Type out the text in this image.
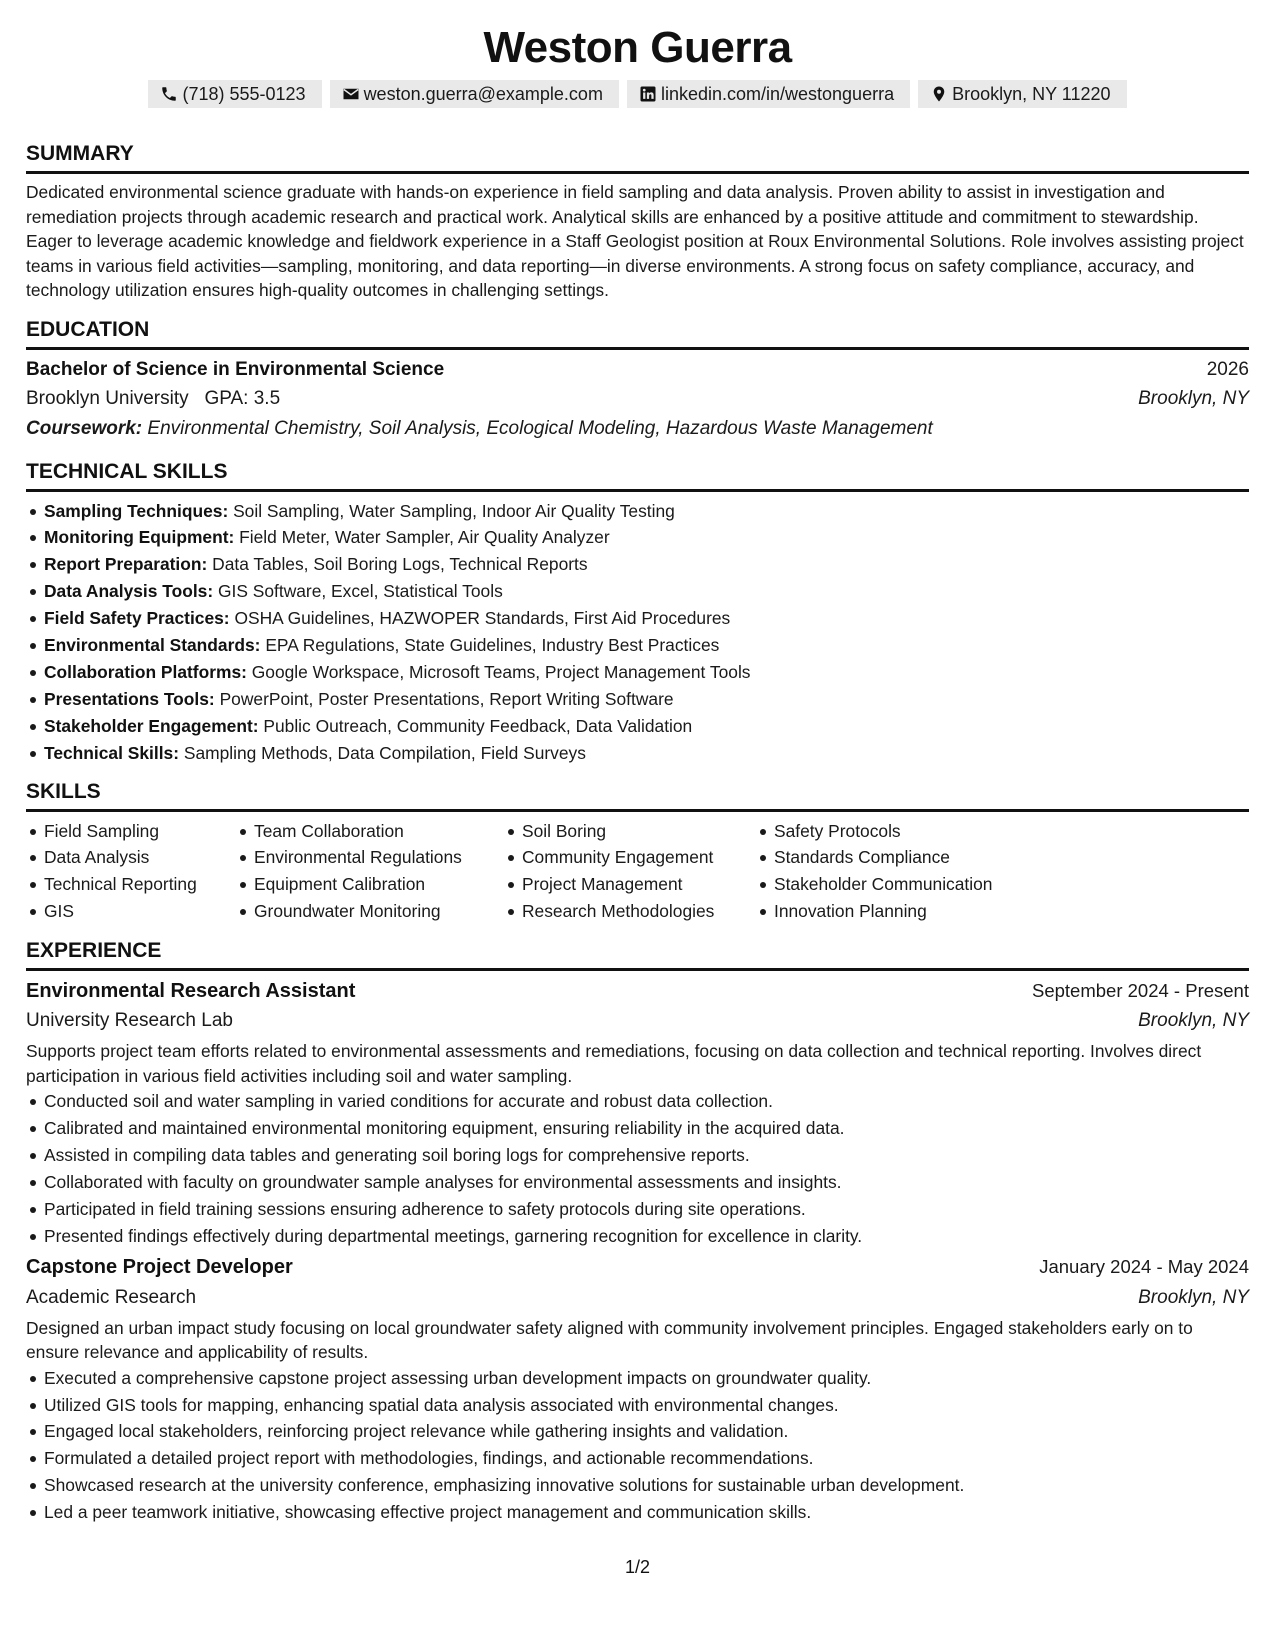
Weston Guerra
(718) 555-0123	weston.guerra@example.com	linkedin.com/in/westonguerra	Brooklyn, NY 11220
SUMMARY
Dedicated environmental science graduate with hands-on experience in field sampling and data analysis. Proven ability to assist in investigation and remediation projects through academic research and practical work. Analytical skills are enhanced by a positive attitude and commitment to stewardship. Eager to leverage academic knowledge and fieldwork experience in a Staff Geologist position at Roux Environmental Solutions. Role involves assisting project teams in various field activities—sampling, monitoring, and data reporting—in diverse environments. A strong focus on safety compliance, accuracy, and technology utilization ensures high-quality outcomes in challenging settings.
EDUCATION
Bachelor of Science in Environmental Science	2026
Brooklyn University GPA: 3.5	Brooklyn, NY
Coursework: Environmental Chemistry, Soil Analysis, Ecological Modeling, Hazardous Waste Management
TECHNICAL SKILLS
Sampling Techniques: Soil Sampling, Water Sampling, Indoor Air Quality Testing
Monitoring Equipment: Field Meter, Water Sampler, Air Quality Analyzer
Report Preparation: Data Tables, Soil Boring Logs, Technical Reports
Data Analysis Tools: GIS Software, Excel, Statistical Tools
Field Safety Practices: OSHA Guidelines, HAZWOPER Standards, First Aid Procedures
Environmental Standards: EPA Regulations, State Guidelines, Industry Best Practices
Collaboration Platforms: Google Workspace, Microsoft Teams, Project Management Tools
Presentations Tools: PowerPoint, Poster Presentations, Report Writing Software
Stakeholder Engagement: Public Outreach, Community Feedback, Data Validation
Technical Skills: Sampling Methods, Data Compilation, Field Surveys
SKILLS
Field Sampling
Data Analysis
Technical Reporting
GIS
Team Collaboration
Environmental Regulations
Equipment Calibration
Groundwater Monitoring
Soil Boring
Community Engagement
Project Management
Research Methodologies
Safety Protocols
Standards Compliance
Stakeholder Communication
Innovation Planning
EXPERIENCE
Environmental Research Assistant	September 2024 - Present
University Research Lab	Brooklyn, NY
Supports project team efforts related to environmental assessments and remediations, focusing on data collection and technical reporting. Involves direct participation in various field activities including soil and water sampling.
Conducted soil and water sampling in varied conditions for accurate and robust data collection.
Calibrated and maintained environmental monitoring equipment, ensuring reliability in the acquired data.
Assisted in compiling data tables and generating soil boring logs for comprehensive reports.
Collaborated with faculty on groundwater sample analyses for environmental assessments and insights.
Participated in field training sessions ensuring adherence to safety protocols during site operations.
Presented findings effectively during departmental meetings, garnering recognition for excellence in clarity.
Capstone Project Developer	January 2024 - May 2024
Academic Research	Brooklyn, NY
Designed an urban impact study focusing on local groundwater safety aligned with community involvement principles. Engaged stakeholders early on to ensure relevance and applicability of results.
Executed a comprehensive capstone project assessing urban development impacts on groundwater quality.
Utilized GIS tools for mapping, enhancing spatial data analysis associated with environmental changes.
Engaged local stakeholders, reinforcing project relevance while gathering insights and validation.
Formulated a detailed project report with methodologies, findings, and actionable recommendations.
Showcased research at the university conference, emphasizing innovative solutions for sustainable urban development.
Led a peer teamwork initiative, showcasing effective project management and communication skills.
1/2
